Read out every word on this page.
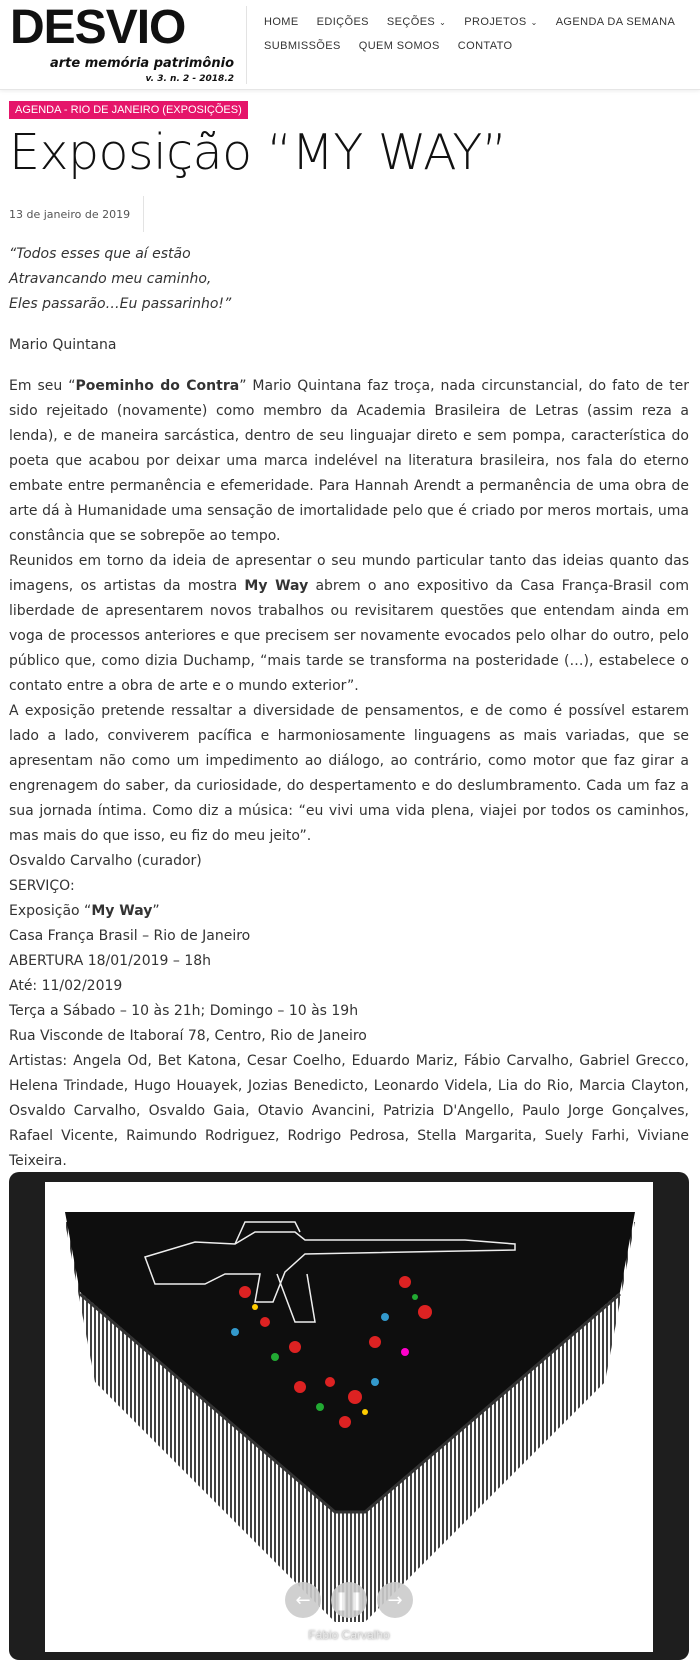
DESVIO
arte memória patrimônio
v. 3. n. 2 - 2018.2
HOME EDIÇÕES SEÇÕES ⌄ PROJETOS ⌄ AGENDA DA SEMANA
SUBMISSÕES QUEM SOMOS CONTATO
AGENDA - RIO DE JANEIRO (EXPOSIÇÕES)
Exposição “MY WAY”
13 de janeiro de 2019
“Todos esses que aí estão
Atravancando meu caminho,
Eles passarão…Eu passarinho!”
Mario Quintana

Em seu “Poeminho do Contra” Mario Quintana faz troça, nada circunstancial, do fato de ter sido rejeitado (novamente) como membro da Academia Brasileira de Letras (assim reza a lenda), e de maneira sarcástica, dentro de seu linguajar direto e sem pompa, característica do poeta que acabou por deixar uma marca indelével na literatura brasileira, nos fala do eterno embate entre permanência e efemeridade. Para Hannah Arendt a permanência de uma obra de arte dá à Humanidade uma sensação de imortalidade pelo que é criado por meros mortais, uma constância que se sobrepõe ao tempo.

Reunidos em torno da ideia de apresentar o seu mundo particular tanto das ideias quanto das imagens, os artistas da mostra My Way abrem o ano expositivo da Casa França-Brasil com liberdade de apresentarem novos trabalhos ou revisitarem questões que entendam ainda em voga de processos anteriores e que precisem ser novamente evocados pelo olhar do outro, pelo público que, como dizia Duchamp, “mais tarde se transforma na posteridade (…), estabelece o contato entre a obra de arte e o mundo exterior”.

A exposição pretende ressaltar a diversidade de pensamentos, e de como é possível estarem lado a lado, conviverem pacífica e harmoniosamente linguagens as mais variadas, que se apresentam não como um impedimento ao diálogo, ao contrário, como motor que faz girar a engrenagem do saber, da curiosidade, do despertamento e do deslumbramento. Cada um faz a sua jornada íntima. Como diz a música: “eu vivi uma vida plena, viajei por todos os caminhos, mas mais do que isso, eu fiz do meu jeito”.

Osvaldo Carvalho (curador)
SERVIÇO:
Exposição “My Way”
Casa França Brasil – Rio de Janeiro
ABERTURA 18/01/2019 – 18h
Até: 11/02/2019
Terça a Sábado – 10 às 21h; Domingo – 10 às 19h
Rua Visconde de Itaboraí 78, Centro, Rio de Janeiro

Artistas: Angela Od, Bet Katona, Cesar Coelho, Eduardo Mariz, Fábio Carvalho, Gabriel Grecco, Helena Trindade, Hugo Houayek, Jozias Benedicto, Leonardo Videla, Lia do Rio, Marcia Clayton, Osvaldo Carvalho, Osvaldo Gaia, Otavio Avancini, Patrizia D'Angello, Paulo Jorge Gonçalves, Rafael Vicente, Raimundo Rodriguez, Rodrigo Pedrosa, Stella Margarita, Suely Farhi, Viviane Teixeira.

← ❚❚ →
Fábio Carvalho
